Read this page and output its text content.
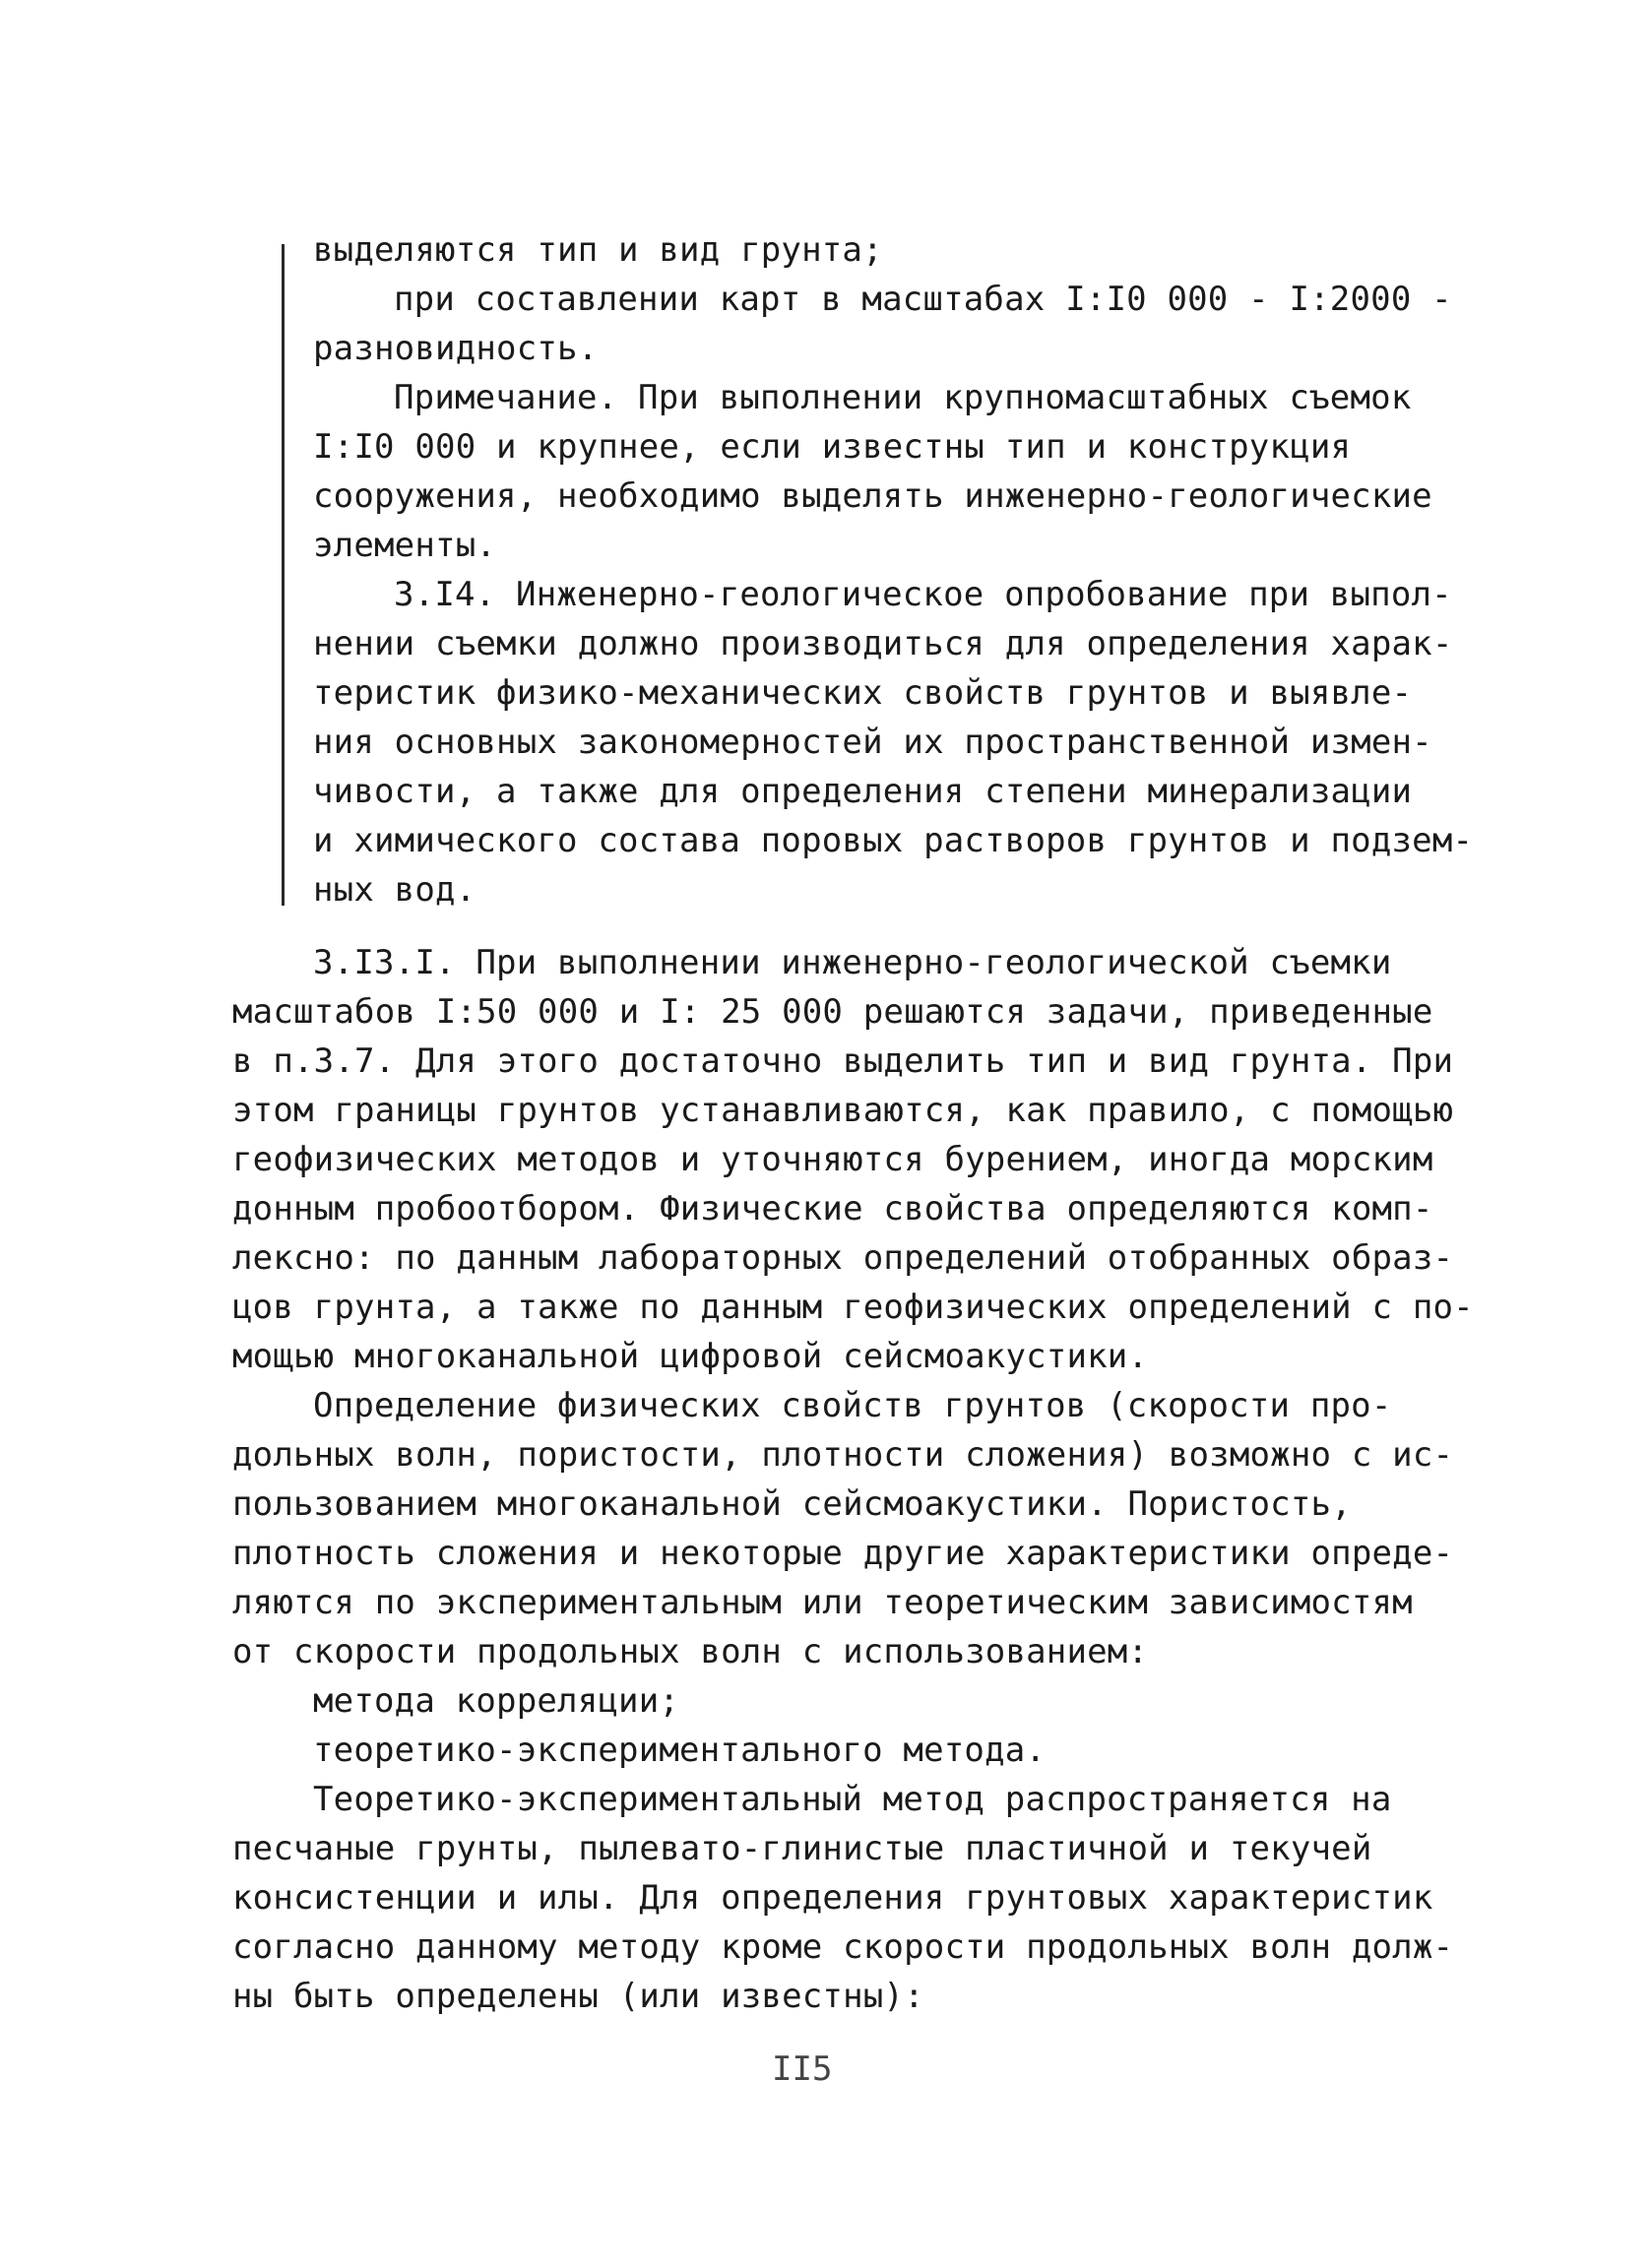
выделяются тип и вид грунта;
при составлении карт в масштабах I:I0 000 - I:2000 -
разновидность.
Примечание. При выполнении крупномасштабных съемок
I:I0 000 и крупнее, если известны тип и конструкция
сооружения, необходимо выделять инженерно-геологические
элементы.
3.I4. Инженерно-геологическое опробование при выпол-
нении съемки должно производиться для определения харак-
теристик физико-механических свойств грунтов и выявле-
ния основных закономерностей их пространственной измен-
чивости, а также для определения степени минерализации
и химического состава поровых растворов грунтов и подзем-
ных вод.
3.I3.I. При выполнении инженерно-геологической съемки
масштабов I:50 000 и I: 25 000 решаются задачи, приведенные
в п.3.7. Для этого достаточно выделить тип и вид грунта. При
этом границы грунтов устанавливаются, как правило, с помощью
геофизических методов и уточняются бурением, иногда морским
донным пробоотбором. Физические свойства определяются комп-
лексно: по данным лабораторных определений отобранных образ-
цов грунта, а также по данным геофизических определений с по-
мощью многоканальной цифровой сейсмоакустики.
Определение физических свойств грунтов (скорости про-
дольных волн, пористости, плотности сложения) возможно с ис-
пользованием многоканальной сейсмоакустики. Пористость,
плотность сложения и некоторые другие характеристики опреде-
ляются по экспериментальным или теоретическим зависимостям
от скорости продольных волн с использованием:
метода корреляции;
теоретико-экспериментального метода.
Теоретико-экспериментальный метод распространяется на
песчаные грунты, пылевато-глинистые пластичной и текучей
консистенции и илы. Для определения грунтовых характеристик
согласно данному методу кроме скорости продольных волн долж-
ны быть определены (или известны):
II5
